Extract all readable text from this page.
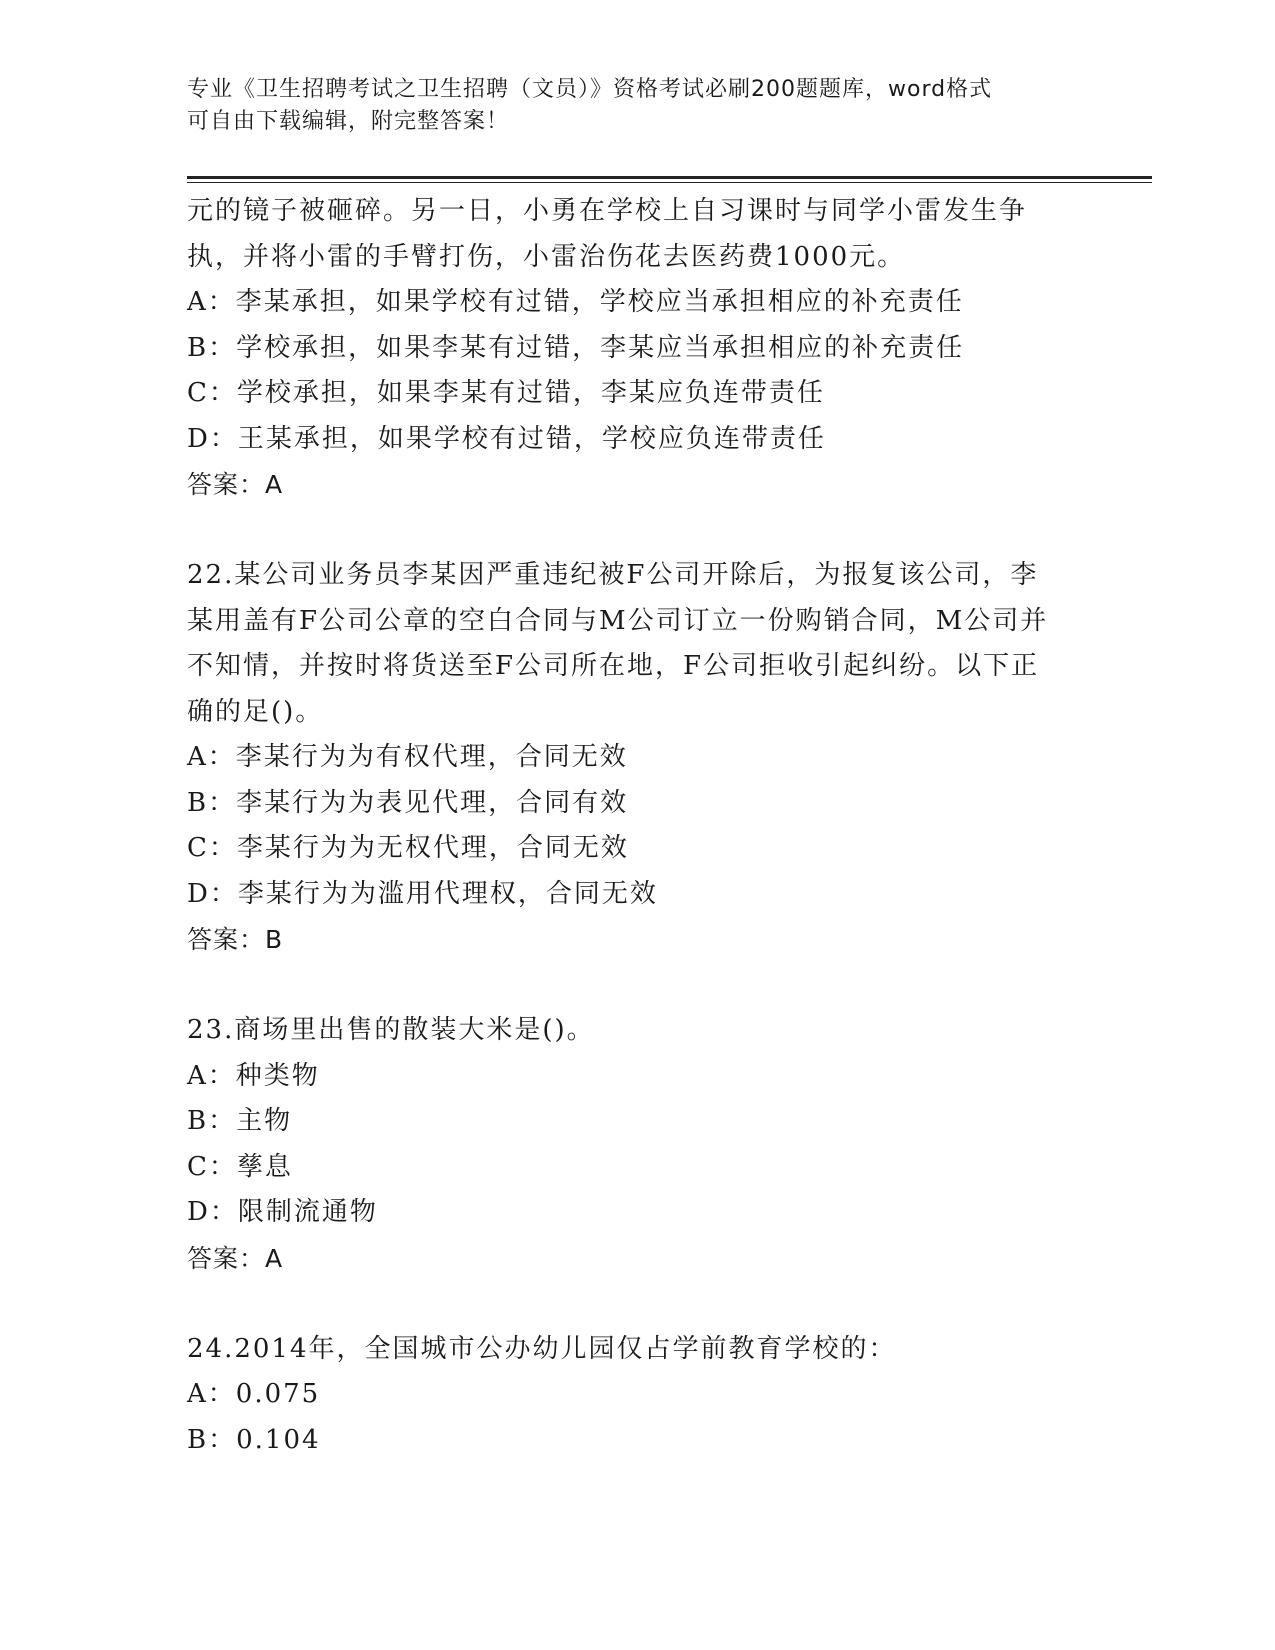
专业《卫生招聘考试之卫生招聘（文员）》资格考试必刷200题题库，word格式
可自由下载编辑，附完整答案！

元的镜子被砸碎。另一日，小勇在学校上自习课时与同学小雷发生争

执，并将小雷的手臂打伤，小雷治伤花去医药费1000元。

A：李某承担，如果学校有过错，学校应当承担相应的补充责任

B：学校承担，如果李某有过错，李某应当承担相应的补充责任

C：学校承担，如果李某有过错，李某应负连带责任

D：王某承担，如果学校有过错，学校应负连带责任

答案：A

22.某公司业务员李某因严重违纪被F公司开除后，为报复该公司，李

某用盖有F公司公章的空白合同与M公司订立一份购销合同，M公司并

不知情，并按时将货送至F公司所在地，F公司拒收引起纠纷。以下正

确的足()。

A：李某行为为有权代理，合同无效

B：李某行为为表见代理，合同有效

C：李某行为为无权代理，合同无效

D：李某行为为滥用代理权，合同无效

答案：B

23.商场里出售的散装大米是()。

A：种类物

B：主物

C：孳息

D：限制流通物

答案：A

24.2014年，全国城市公办幼儿园仅占学前教育学校的：

A：0.075

B：0.104
